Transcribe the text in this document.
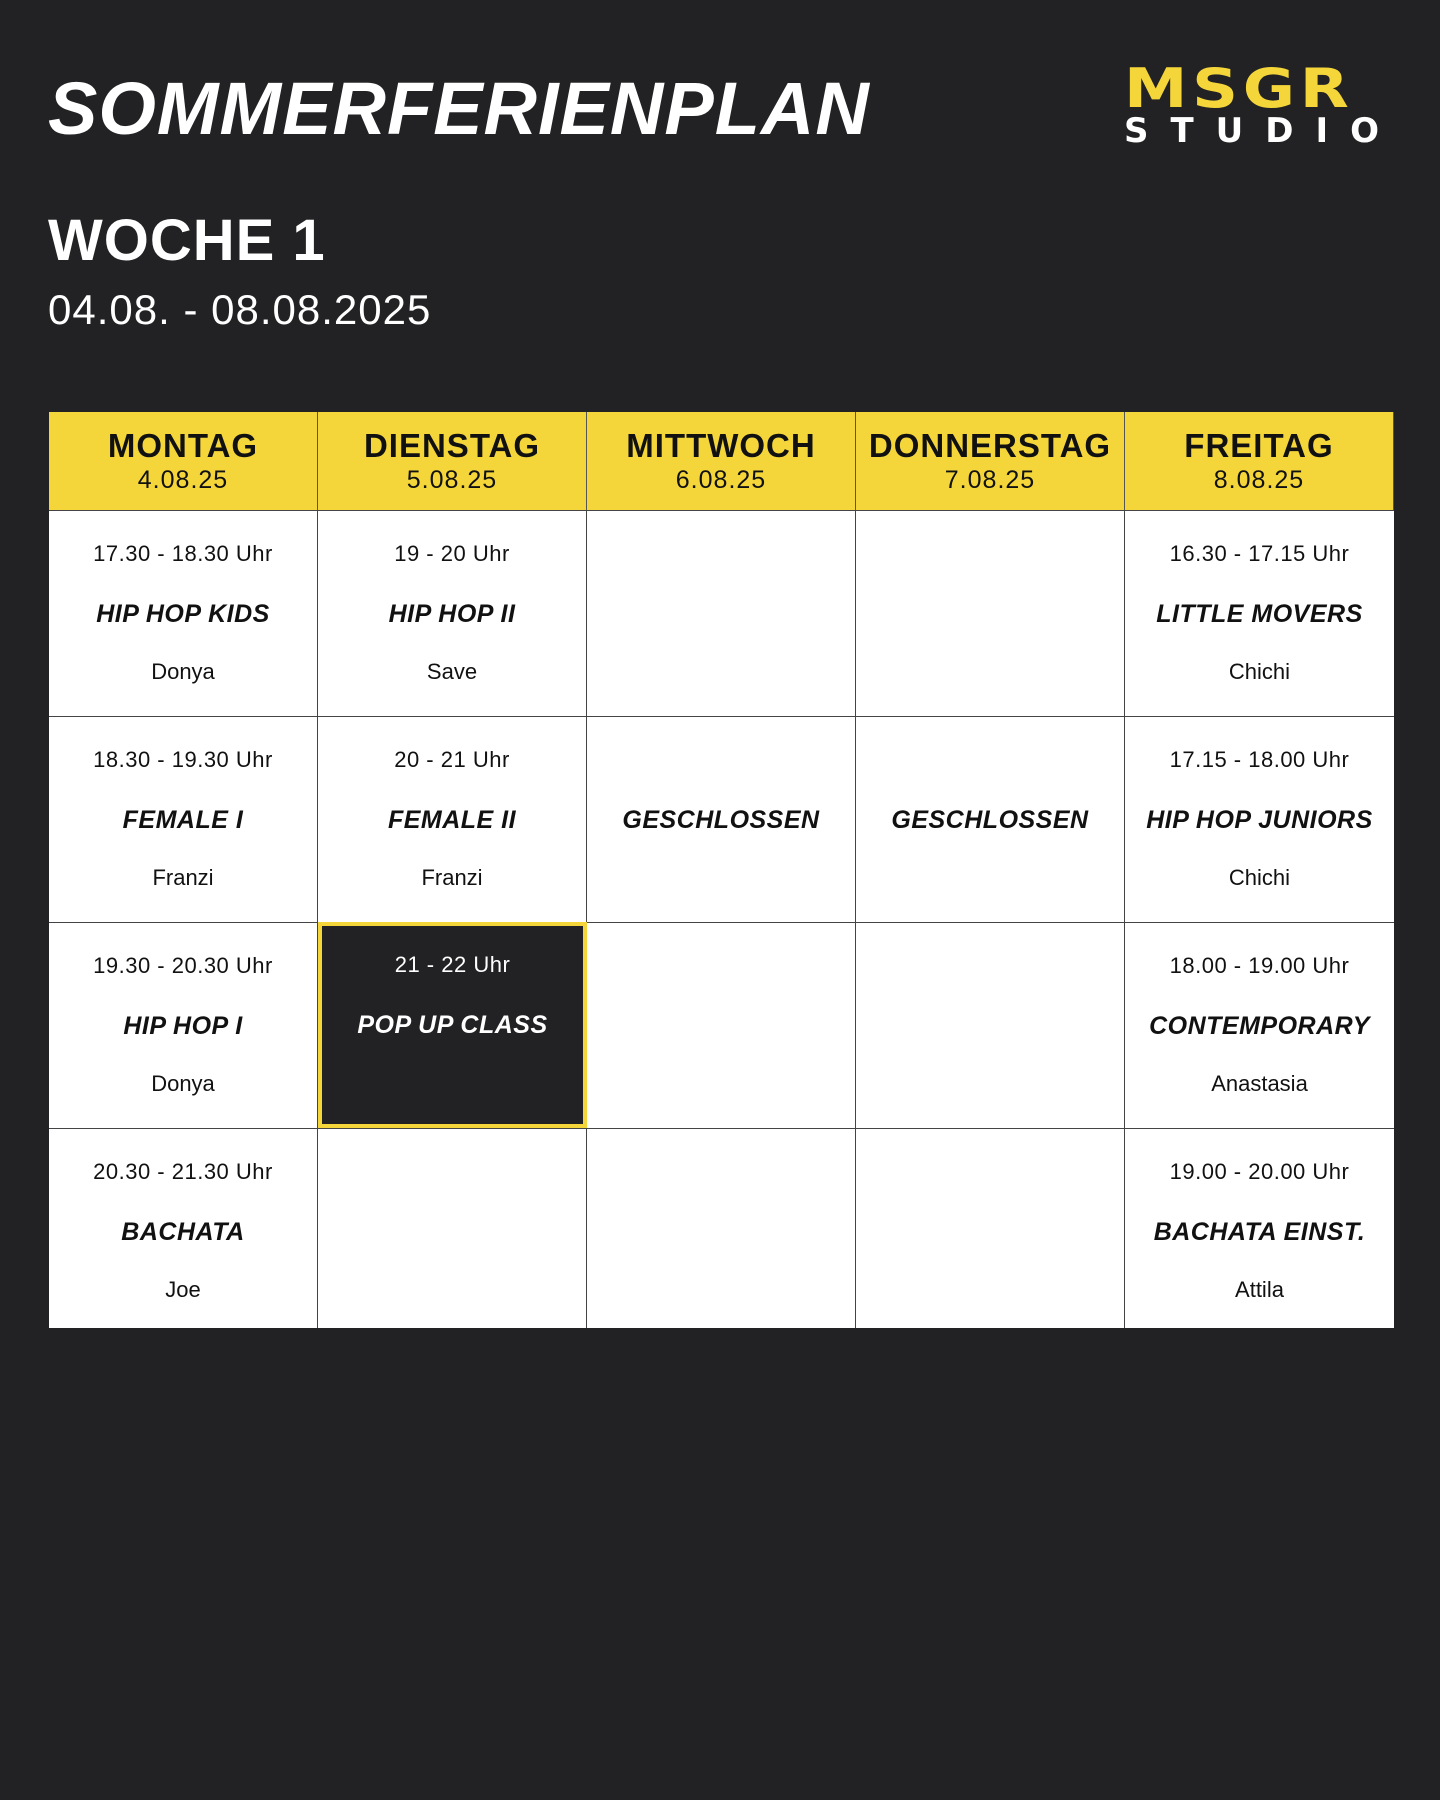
SOMMERFERIENPLAN	MSGR
STUDIO
WOCHE 1
04.08. - 08.08.2025
MONTAG
4.08.25
DIENSTAG
5.08.25
MITTWOCH
6.08.25
DONNERSTAG
7.08.25
FREITAG
8.08.25
17.30 - 18.30 Uhr
HIP HOP KIDS
Donya
19 - 20 Uhr
HIP HOP II
Save
16.30 - 17.15 Uhr
LITTLE MOVERS
Chichi
18.30 - 19.30 Uhr
FEMALE I
Franzi
20 - 21 Uhr
FEMALE II
Franzi
GESCHLOSSEN	GESCHLOSSEN
17.15 - 18.00 Uhr
HIP HOP JUNIORS
Chichi
19.30 - 20.30 Uhr
HIP HOP I
Donya
21 - 22 Uhr
POP UP CLASS
18.00 - 19.00 Uhr
CONTEMPORARY
Anastasia
20.30 - 21.30 Uhr
BACHATA
Joe
19.00 - 20.00 Uhr
BACHATA EINST.
Attila
